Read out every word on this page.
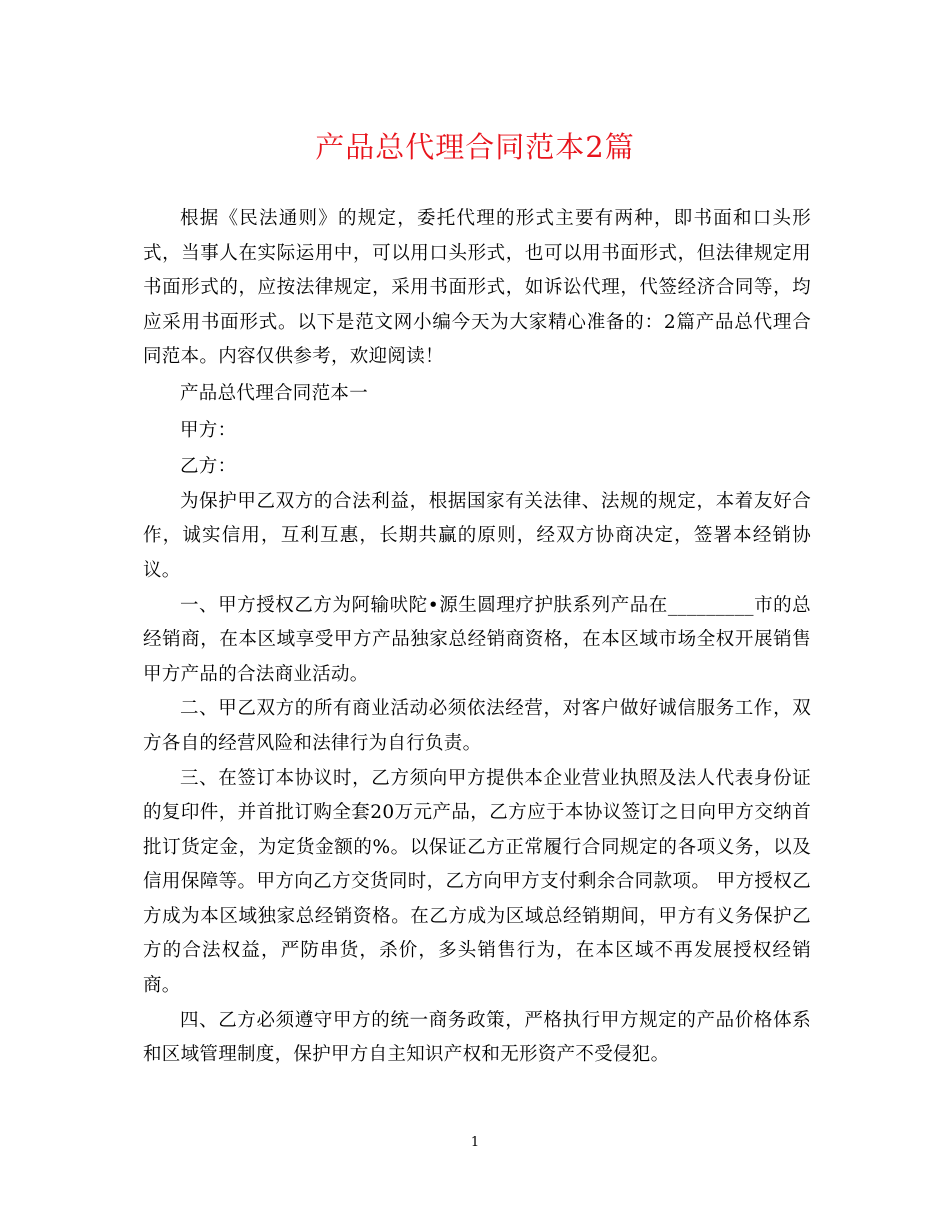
产品总代理合同范本2篇

根据《民法通则》的规定，委托代理的形式主要有两种，即书面和口头形式，当事人在实际运用中，可以用口头形式，也可以用书面形式，但法律规定用书面形式的，应按法律规定，采用书面形式，如诉讼代理，代签经济合同等，均应采用书面形式。以下是范文网小编今天为大家精心准备的：2篇产品总代理合同范本。内容仅供参考，欢迎阅读！

产品总代理合同范本一

甲方：

乙方：

为保护甲乙双方的合法利益，根据国家有关法律、法规的规定，本着友好合作，诚实信用，互利互惠，长期共赢的原则，经双方协商决定，签署本经销协议。

一、甲方授权乙方为阿输吠陀•源生圆理疗护肤系列产品在_________市的总经销商，在本区域享受甲方产品独家总经销商资格，在本区域市场全权开展销售甲方产品的合法商业活动。

二、甲乙双方的所有商业活动必须依法经营，对客户做好诚信服务工作，双方各自的经营风险和法律行为自行负责。

三、在签订本协议时，乙方须向甲方提供本企业营业执照及法人代表身份证的复印件，并首批订购全套20万元产品，乙方应于本协议签订之日向甲方交纳首批订货定金，为定货金额的%。以保证乙方正常履行合同规定的各项义务，以及信用保障等。甲方向乙方交货同时，乙方向甲方支付剩余合同款项。 甲方授权乙方成为本区域独家总经销资格。在乙方成为区域总经销期间，甲方有义务保护乙方的合法权益，严防串货，杀价，多头销售行为，在本区域不再发展授权经销商。

四、乙方必须遵守甲方的统一商务政策，严格执行甲方规定的产品价格体系和区域管理制度，保护甲方自主知识产权和无形资产不受侵犯。

1
